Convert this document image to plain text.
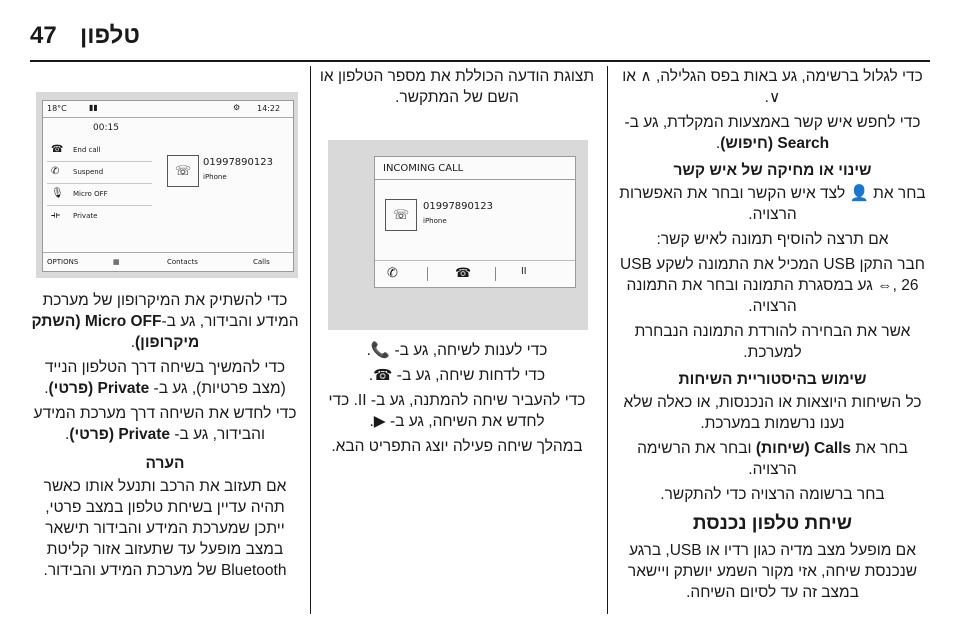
47 טלפון

כדי לגלול ברשימה, גע באות בפס הגלילה, ∧ או ∨.

כדי לחפש איש קשר באמצעות המקלדת, גע ב-Search (חיפוש).

שינוי או מחיקה של איש קשר

בחר את 👤 לצד איש הקשר ובחר את האפשרות הרצויה.

אם תרצה להוסיף תמונה לאיש קשר:

חבר התקן USB המכיל את התמונה לשקע USB ⇔, 26 גע במסגרת התמונה ובחר את התמונה הרצויה.

אשר את הבחירה להורדת התמונה הנבחרת למערכת.

שימוש בהיסטוריית השיחות

כל השיחות היוצאות או הנכנסות, או כאלה שלא נענו נרשמות במערכת.

בחר את Calls (שיחות) ובחר את הרשימה הרצויה.

בחר ברשומה הרצויה כדי להתקשר.

שיחת טלפון נכנסת

אם מופעל מצב מדיה כגון רדיו או USB, ברגע שנכנסת שיחה, אזי מקור השמע יושתק ויישאר במצב זה עד לסיום השיחה.

תצוגת הודעה הכוללת את מספר הטלפון או השם של המתקשר.

INCOMING CALL
☏
01997890123
iPhone
✆	☎	II

כדי לענות לשיחה, גע ב- 📞.

כדי לדחות שיחה, גע ב- ☎.

כדי להעביר שיחה להמתנה, גע ב- II. כדי לחדש את השיחה, גע ב- ▶.

במהלך שיחה פעילה יוצג התפריט הבא.

18°C	▮▮	⚙ 14:22
00:15
☎ End call
✆ Suspend
🎙 Micro OFF
⟛ Private
☏
01997890123
iPhone
OPTIONS	▦	Contacts	Calls

כדי להשתיק את המיקרופון של מערכת המידע והבידור, גע ב-Micro OFF (השתק מיקרופון).

כדי להמשיך בשיחה דרך הטלפון הנייד (מצב פרטיות), גע ב- Private (פרטי).

כדי לחדש את השיחה דרך מערכת המידע והבידור, גע ב- Private (פרטי).

הערה

אם תעזוב את הרכב ותנעל אותו כאשר תהיה עדיין בשיחת טלפון במצב פרטי, ייתכן שמערכת המידע והבידור תישאר במצב מופעל עד שתעזוב אזור קליטת Bluetooth של מערכת המידע והבידור.
